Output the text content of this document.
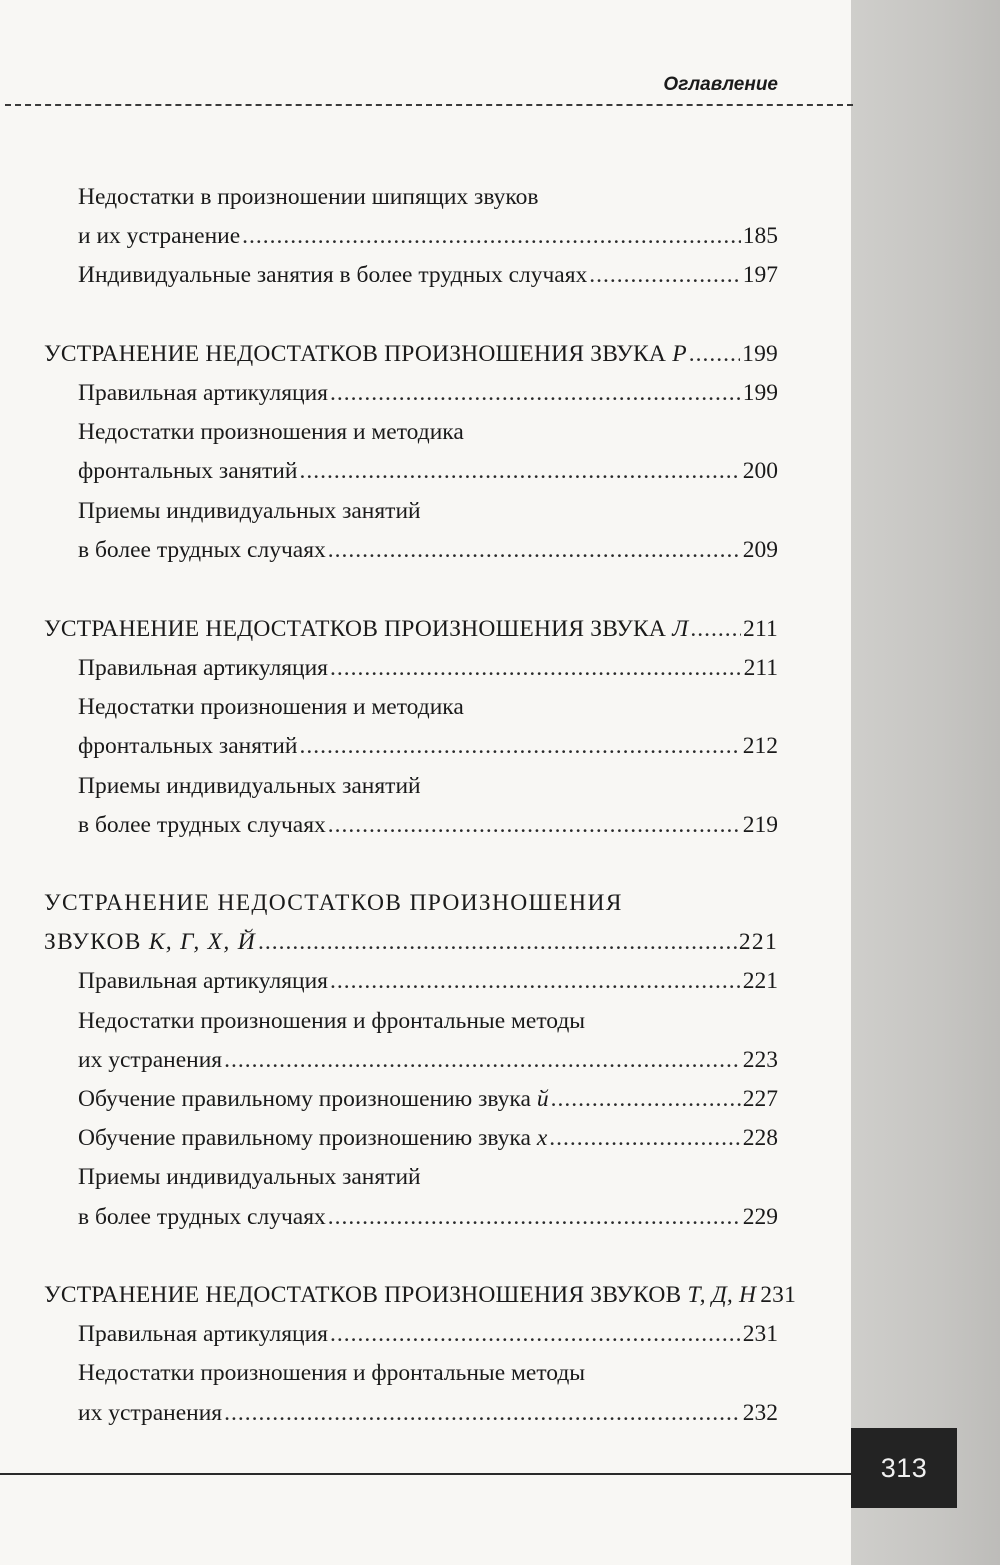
Оглавление
Недостатки в произношении шипящих звуков
и их устранение .....	185
Индивидуальные занятия в более трудных случаях .....	197
УСТРАНЕНИЕ НЕДОСТАТКОВ ПРОИЗНОШЕНИЯ ЗВУКА Р ..... 199
Правильная артикуляция .....	199
Недостатки произношения и методика
фронтальных занятий .....	200
Приемы индивидуальных занятий
в более трудных случаях .....	209
УСТРАНЕНИЕ НЕДОСТАТКОВ ПРОИЗНОШЕНИЯ ЗВУКА Л ..... 211
Правильная артикуляция .....	211
Недостатки произношения и методика
фронтальных занятий .....	212
Приемы индивидуальных занятий
в более трудных случаях .....	219
УСТРАНЕНИЕ НЕДОСТАТКОВ ПРОИЗНОШЕНИЯ
ЗВУКОВ К, Г, Х, Й .....	221
Правильная артикуляция .....	221
Недостатки произношения и фронтальные методы
их устранения .....	223
Обучение правильному произношению звука й .....	227
Обучение правильному произношению звука х .....	228
Приемы индивидуальных занятий
в более трудных случаях .....	229
УСТРАНЕНИЕ НЕДОСТАТКОВ ПРОИЗНОШЕНИЯ ЗВУКОВ Т, Д, Н 231
Правильная артикуляция .....	231
Недостатки произношения и фронтальные методы
их устранения .....	232
313
